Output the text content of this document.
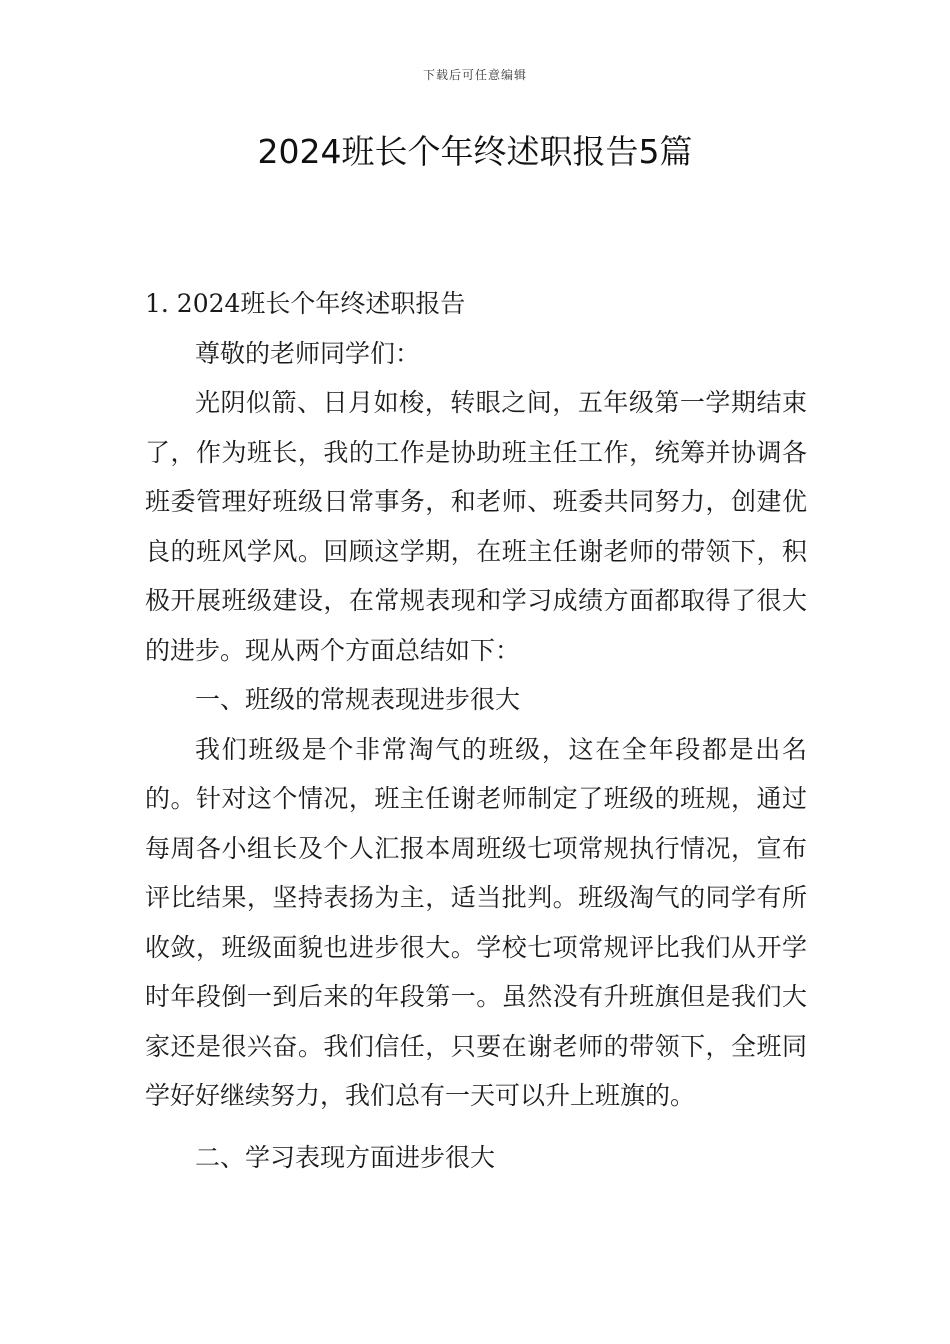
下载后可任意编辑
2024班长个年终述职报告5篇

1. 2024班长个年终述职报告

尊敬的老师同学们：

光阴似箭、日月如梭，转眼之间，五年级第一学期结束了，作为班长，我的工作是协助班主任工作，统筹并协调各班委管理好班级日常事务，和老师、班委共同努力，创建优良的班风学风。回顾这学期，在班主任谢老师的带领下，积极开展班级建设，在常规表现和学习成绩方面都取得了很大的进步。现从两个方面总结如下：

一、班级的常规表现进步很大

我们班级是个非常淘气的班级，这在全年段都是出名的。针对这个情况，班主任谢老师制定了班级的班规，通过每周各小组长及个人汇报本周班级七项常规执行情况，宣布评比结果，坚持表扬为主，适当批判。班级淘气的同学有所收敛，班级面貌也进步很大。学校七项常规评比我们从开学时年段倒一到后来的年段第一。虽然没有升班旗但是我们大家还是很兴奋。我们信任，只要在谢老师的带领下，全班同学好好继续努力，我们总有一天可以升上班旗的。

二、学习表现方面进步很大
